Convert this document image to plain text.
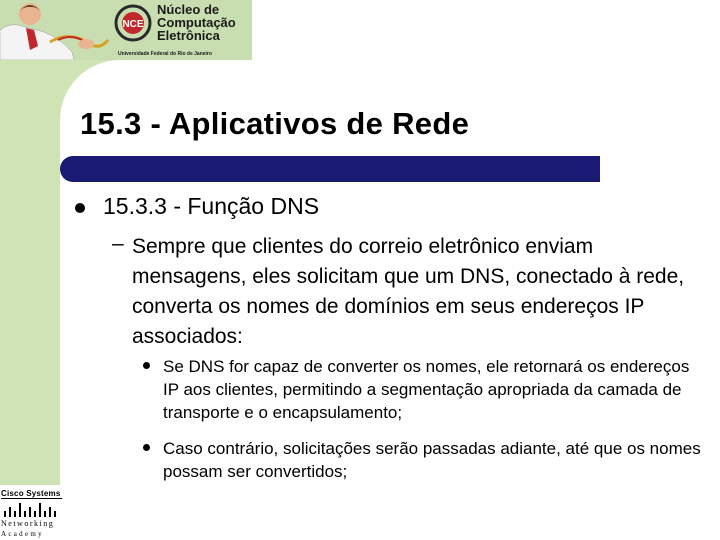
NCE
Núcleo de Computação Eletrônica
Universidade Federal do Rio de Janeiro
15.3 - Aplicativos de Rede
15.3.3 - Função DNS
– Sempre que clientes do correio eletrônico enviam mensagens, eles solicitam que um DNS, conectado à rede, converta os nomes de domínios em seus endereços IP associados:
Se DNS for capaz de converter os nomes, ele retornará os endereços IP aos clientes, permitindo a segmentação apropriada da camada de transporte e o encapsulamento;
Caso contrário, solicitações serão passadas adiante, até que os nomes possam ser convertidos;
Cisco Systems
Networking
Academy
